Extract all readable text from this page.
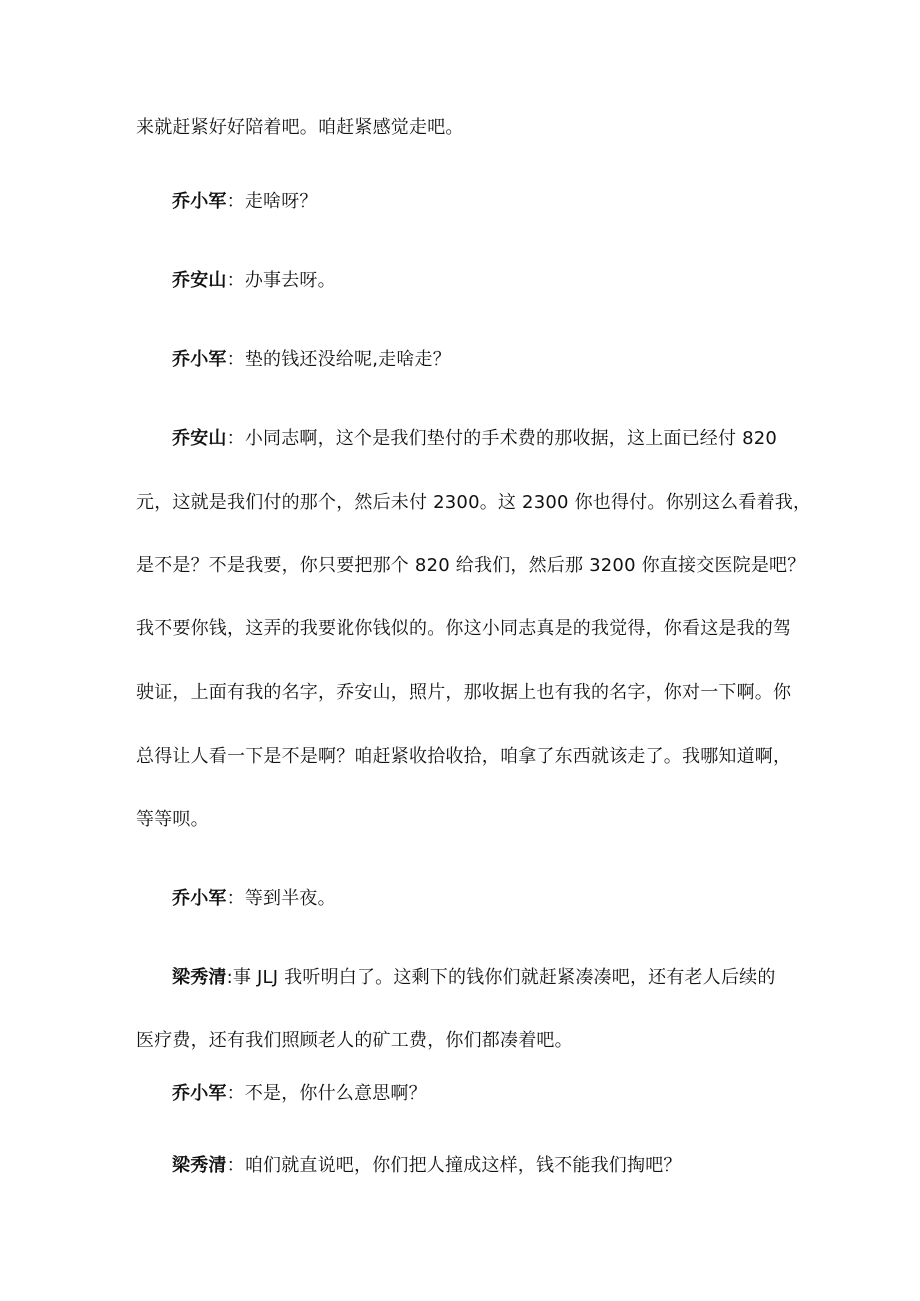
来就赶紧好好陪着吧。咱赶紧感觉走吧。
乔小军：走啥呀？
乔安山：办事去呀。
乔小军：垫的钱还没给呢,走啥走？
乔安山：小同志啊，这个是我们垫付的手术费的那收据，这上面已经付 820
元，这就是我们付的那个，然后未付 2300。这 2300 你也得付。你别这么看着我，
是不是？不是我要，你只要把那个 820 给我们，然后那 3200 你直接交医院是吧？
我不要你钱，这弄的我要讹你钱似的。你这小同志真是的我觉得，你看这是我的驾
驶证，上面有我的名字，乔安山，照片，那收据上也有我的名字，你对一下啊。你
总得让人看一下是不是啊？咱赶紧收拾收拾，咱拿了东西就该走了。我哪知道啊，
等等呗。
乔小军：等到半夜。
梁秀清:事 JLJ 我听明白了。这剩下的钱你们就赶紧凑凑吧，还有老人后续的
医疗费，还有我们照顾老人的矿工费，你们都凑着吧。
乔小军：不是，你什么意思啊？
梁秀清：咱们就直说吧，你们把人撞成这样，钱不能我们掏吧？
